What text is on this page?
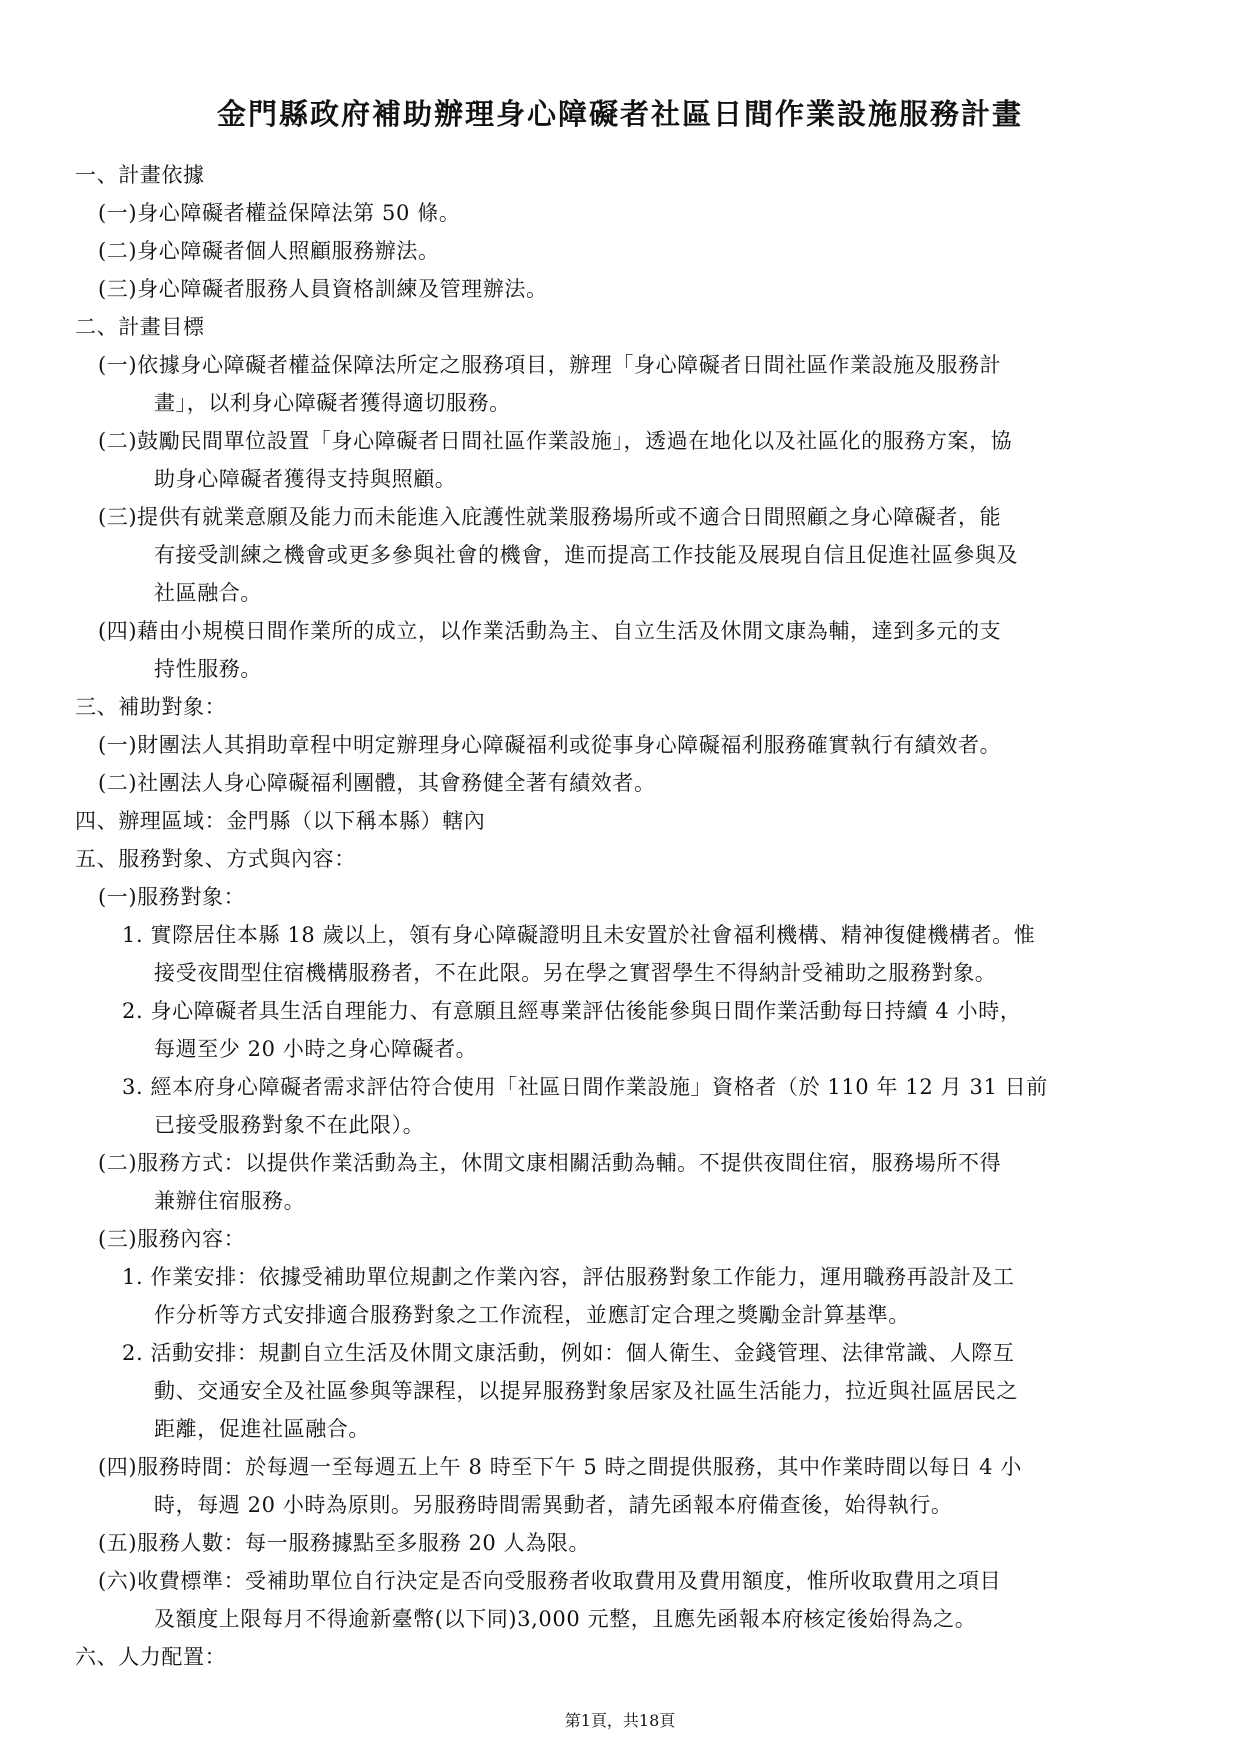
金門縣政府補助辦理身心障礙者社區日間作業設施服務計畫
一、計畫依據
(一)身心障礙者權益保障法第 50 條。
(二)身心障礙者個人照顧服務辦法。
(三)身心障礙者服務人員資格訓練及管理辦法。
二、計畫目標
(一)依據身心障礙者權益保障法所定之服務項目，辦理「身心障礙者日間社區作業設施及服務計
畫」，以利身心障礙者獲得適切服務。
(二)鼓勵民間單位設置「身心障礙者日間社區作業設施」，透過在地化以及社區化的服務方案，協
助身心障礙者獲得支持與照顧。
(三)提供有就業意願及能力而未能進入庇護性就業服務場所或不適合日間照顧之身心障礙者，能
有接受訓練之機會或更多參與社會的機會，進而提高工作技能及展現自信且促進社區參與及
社區融合。
(四)藉由小規模日間作業所的成立，以作業活動為主、自立生活及休閒文康為輔，達到多元的支
持性服務。
三、補助對象：
(一)財團法人其捐助章程中明定辦理身心障礙福利或從事身心障礙福利服務確實執行有績效者。
(二)社團法人身心障礙福利團體，其會務健全著有績效者。
四、辦理區域：金門縣（以下稱本縣）轄內
五、服務對象、方式與內容：
(一)服務對象：
1. 實際居住本縣 18 歲以上，領有身心障礙證明且未安置於社會福利機構、精神復健機構者。惟
接受夜間型住宿機構服務者，不在此限。另在學之實習學生不得納計受補助之服務對象。
2. 身心障礙者具生活自理能力、有意願且經專業評估後能參與日間作業活動每日持續 4 小時，
每週至少 20 小時之身心障礙者。
3. 經本府身心障礙者需求評估符合使用「社區日間作業設施」資格者（於 110 年 12 月 31 日前
已接受服務對象不在此限）。
(二)服務方式：以提供作業活動為主，休閒文康相關活動為輔。不提供夜間住宿，服務場所不得
兼辦住宿服務。
(三)服務內容：
1. 作業安排：依據受補助單位規劃之作業內容，評估服務對象工作能力，運用職務再設計及工
作分析等方式安排適合服務對象之工作流程，並應訂定合理之獎勵金計算基準。
2. 活動安排：規劃自立生活及休閒文康活動，例如：個人衛生、金錢管理、法律常識、人際互
動、交通安全及社區參與等課程，以提昇服務對象居家及社區生活能力，拉近與社區居民之
距離，促進社區融合。
(四)服務時間：於每週一至每週五上午 8 時至下午 5 時之間提供服務，其中作業時間以每日 4 小
時，每週 20 小時為原則。另服務時間需異動者，請先函報本府備查後，始得執行。
(五)服務人數：每一服務據點至多服務 20 人為限。
(六)收費標準：受補助單位自行決定是否向受服務者收取費用及費用額度，惟所收取費用之項目
及額度上限每月不得逾新臺幣(以下同)3,000 元整，且應先函報本府核定後始得為之。
六、人力配置：
第1頁，共18頁
